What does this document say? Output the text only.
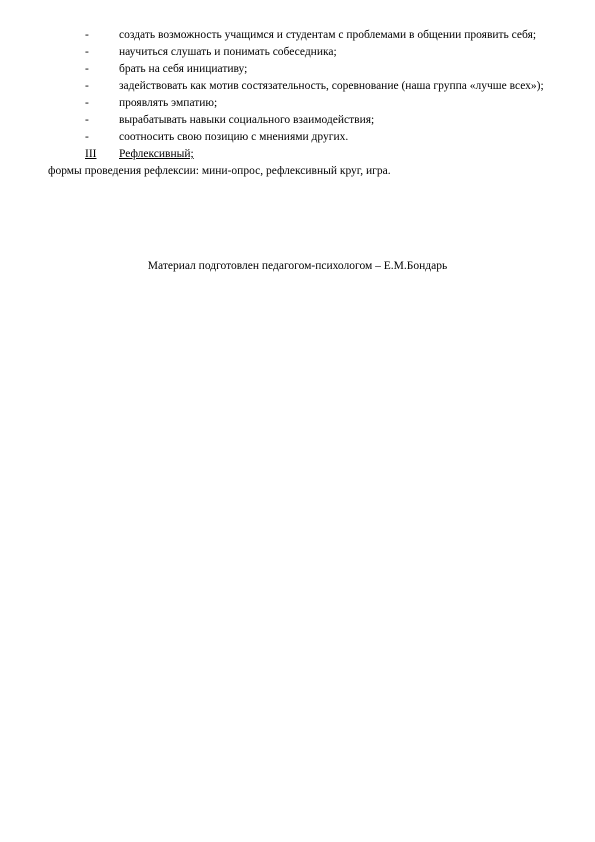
-	создать возможность учащимся и студентам с проблемами в общении проявить себя;
-	научиться слушать и понимать собеседника;
-	брать на себя инициативу;
-	задействовать как мотив состязательность, соревнование (наша группа «лучше всех»);
-	проявлять эмпатию;
-	вырабатывать навыки социального взаимодействия;
-	соотносить свою позицию с мнениями других.
III Рефлексивный;

формы проведения рефлексии: мини-опрос, рефлексивный круг, игра.

Материал подготовлен педагогом-психологом – Е.М.Бондарь
